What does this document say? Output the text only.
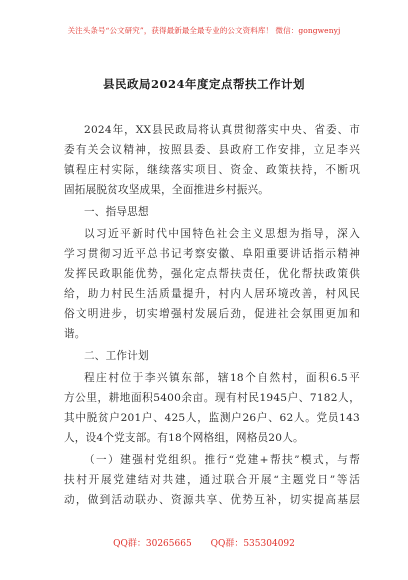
关注头条号“公文研究”，获得最新最全最专业的公文资料库！ 微信：gongwenyj
县民政局2024年度定点帮扶工作计划
2024年，XX县民政局将认真贯彻落实中央、省委、市
委有关会议精神，按照县委、县政府工作安排，立足李兴
镇程庄村实际，继续落实项目、资金、政策扶持，不断巩
固拓展脱贫攻坚成果，全面推进乡村振兴。
一、指导思想
以习近平新时代中国特色社会主义思想为指导，深入
学习贯彻习近平总书记考察安徽、阜阳重要讲话指示精神
发挥民政职能优势，强化定点帮扶责任，优化帮扶政策供
给，助力村民生活质量提升，村内人居环境改善，村风民
俗文明进步，切实增强村发展后劲，促进社会氛围更加和
谐。
二、工作计划
程庄村位于李兴镇东部，辖18个自然村，面积6.5平
方公里，耕地面积5400余亩。现有村民1945户、7182人，
其中脱贫户201户、425人，监测户26户、62人。党员143
人，设4个党支部。有18个网格组，网格员20人。
（一）建强村党组织。推行“党建+帮扶”模式，与帮
扶村开展党建结对共建，通过联合开展“主题党日”等活
动，做到活动联办、资源共享、优势互补，切实提高基层
QQ群：30265665 QQ群：535304092
